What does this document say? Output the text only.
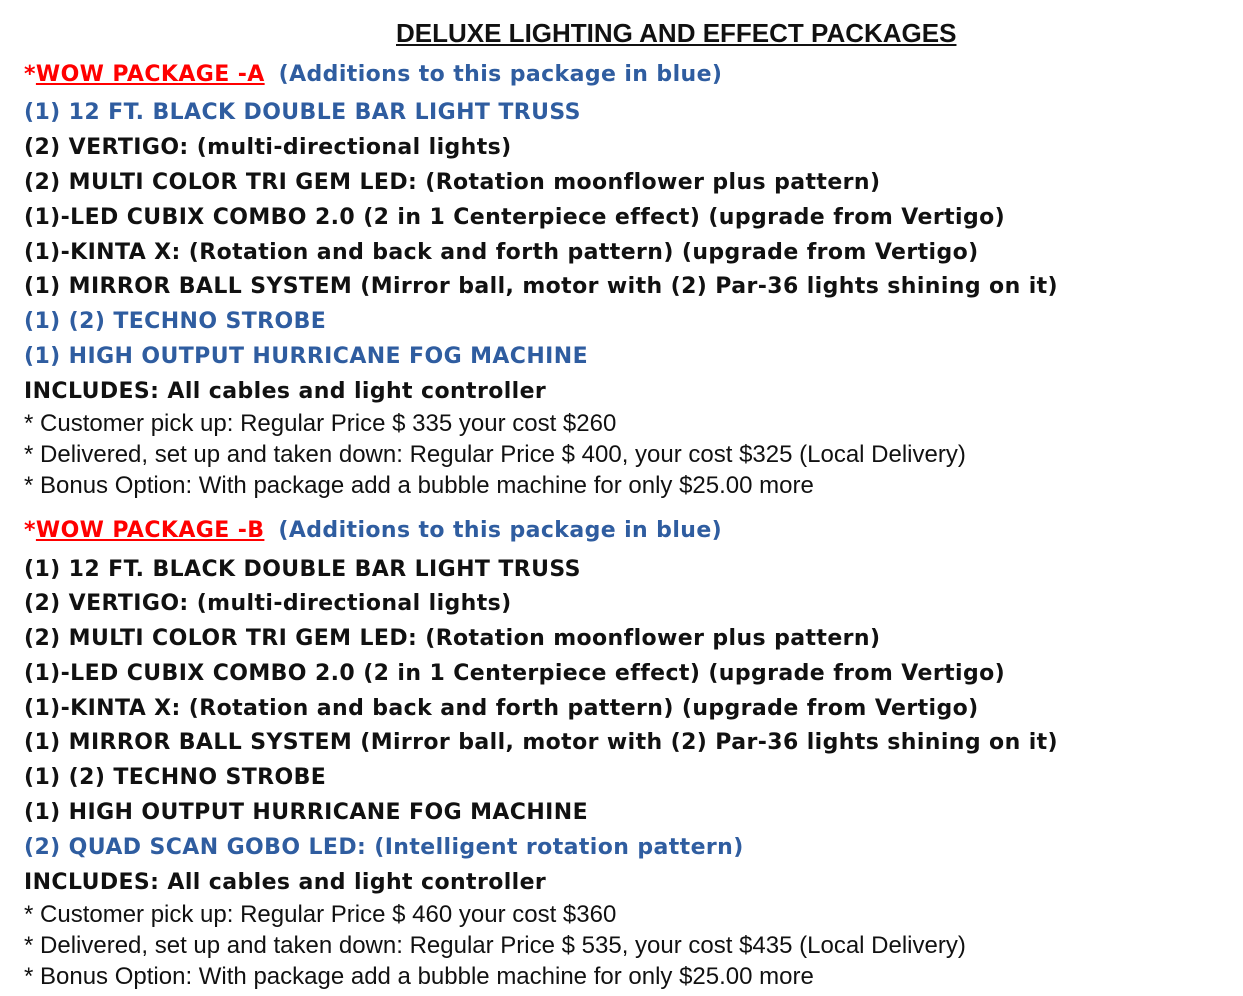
DELUXE LIGHTING AND EFFECT PACKAGES
*WOW PACKAGE -A (Additions to this package in blue)
(1) 12 FT. BLACK DOUBLE BAR LIGHT TRUSS
(2) VERTIGO: (multi-directional lights)
(2) MULTI COLOR TRI GEM LED: (Rotation moonflower plus pattern)
(1)-LED CUBIX COMBO 2.0 (2 in 1 Centerpiece effect) (upgrade from Vertigo)
(1)-KINTA X: (Rotation and back and forth pattern) (upgrade from Vertigo)
(1) MIRROR BALL SYSTEM (Mirror ball, motor with (2) Par-36 lights shining on it)
(1) (2) TECHNO STROBE
(1) HIGH OUTPUT HURRICANE FOG MACHINE
INCLUDES: All cables and light controller
* Customer pick up: Regular Price $ 335 your cost $260
* Delivered, set up and taken down: Regular Price $ 400, your cost $325 (Local Delivery)
* Bonus Option: With package add a bubble machine for only $25.00 more
*WOW PACKAGE -B (Additions to this package in blue)
(1) 12 FT. BLACK DOUBLE BAR LIGHT TRUSS
(2) VERTIGO: (multi-directional lights)
(2) MULTI COLOR TRI GEM LED: (Rotation moonflower plus pattern)
(1)-LED CUBIX COMBO 2.0 (2 in 1 Centerpiece effect) (upgrade from Vertigo)
(1)-KINTA X: (Rotation and back and forth pattern) (upgrade from Vertigo)
(1) MIRROR BALL SYSTEM (Mirror ball, motor with (2) Par-36 lights shining on it)
(1) (2) TECHNO STROBE
(1) HIGH OUTPUT HURRICANE FOG MACHINE
(2) QUAD SCAN GOBO LED: (Intelligent rotation pattern)
INCLUDES: All cables and light controller
* Customer pick up: Regular Price $ 460 your cost $360
* Delivered, set up and taken down: Regular Price $ 535, your cost $435 (Local Delivery)
* Bonus Option: With package add a bubble machine for only $25.00 more
